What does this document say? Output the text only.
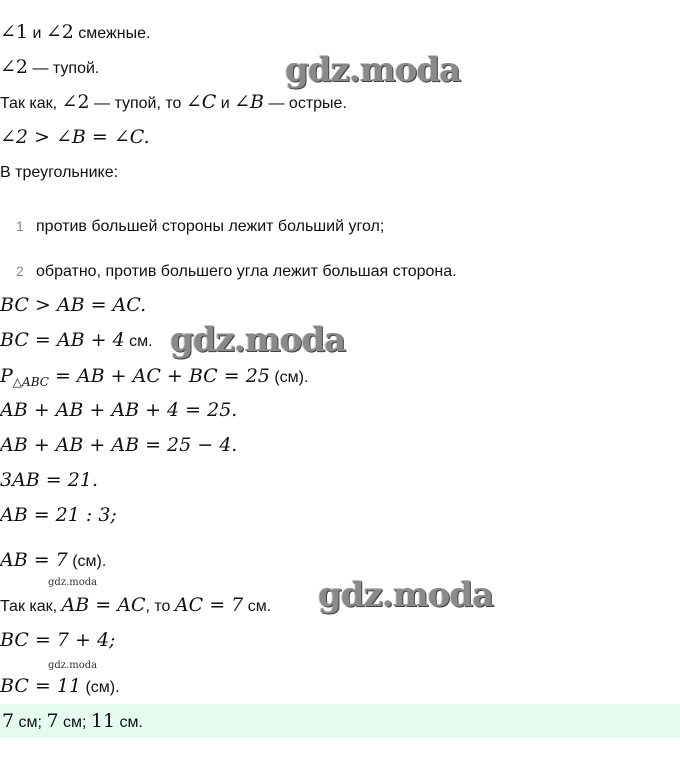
gdz.moda
gdz.moda
gdz.moda
gdz.moda
gdz.moda
∠1 и ∠2 смежные.
∠2 — тупой.
Так как, ∠2 — тупой, то ∠C и ∠B — острые.
∠2 > ∠B = ∠C.
В треугольнике:
1 против большей стороны лежит больший угол;
2 обратно, против большего угла лежит большая сторона.
BC > AB = AC.
BC = AB + 4 см.
$P_{\triangle ABC}$ = AB + AC + BC = 25 (см).
AB + AB + AB + 4 = 25.
AB + AB + AB = 25 − 4.
3AB = 21.
AB = 21 : 3;
AB = 7 (см).
Так как, AB = AC, то AC = 7 см.
BC = 7 + 4;
BC = 11 (см).
7 см; 7 см; 11 см.
